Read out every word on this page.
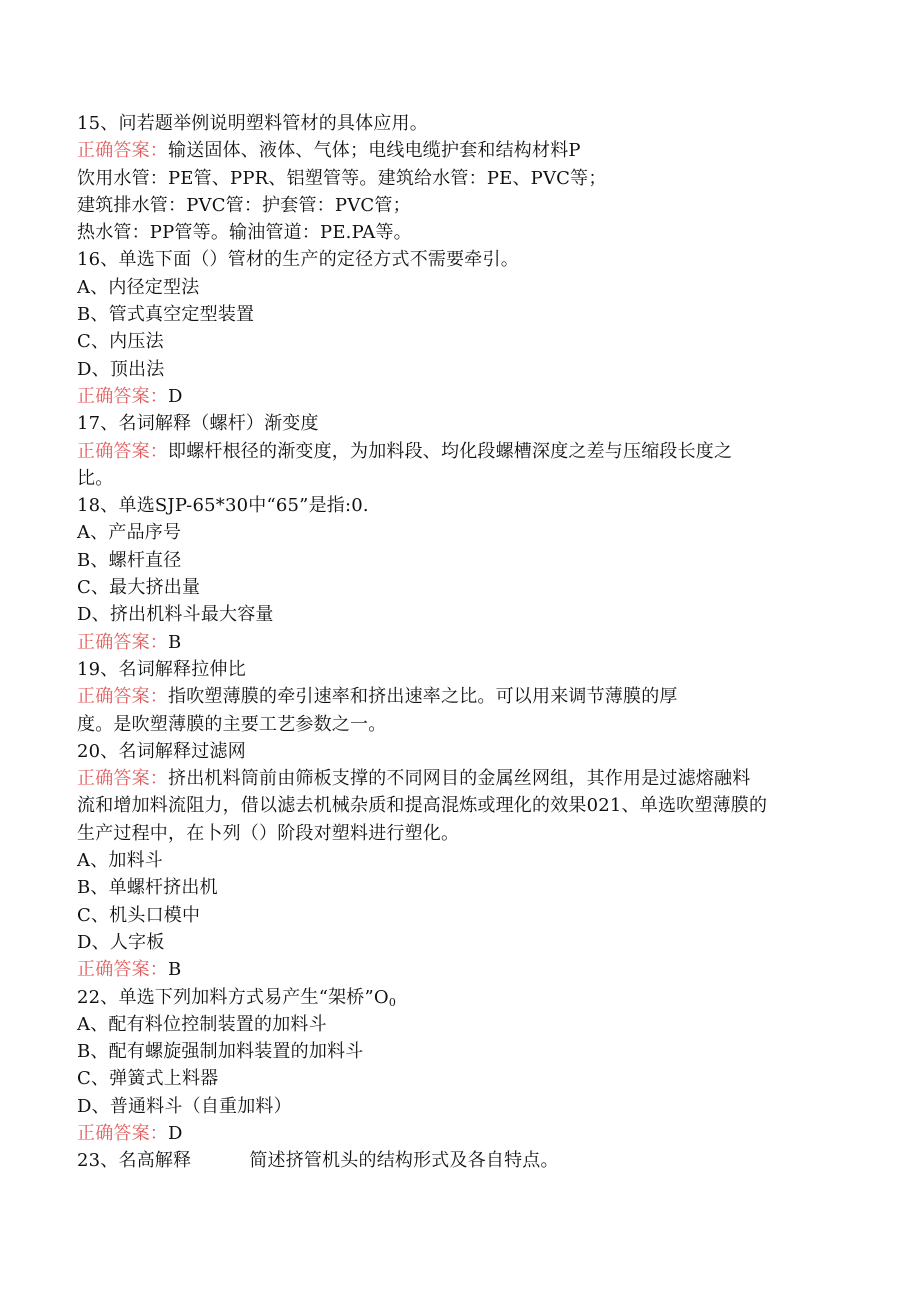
15、问若题举例说明塑料管材的具体应用。
正确答案：输送固体、液体、气体；电线电缆护套和结构材料P
饮用水管：PE管、PPR、铝塑管等。建筑给水管：PE、PVC等；
建筑排水管：PVC管：护套管：PVC管；
热水管：PP管等。输油管道：PE.PA等。
16、单选下面（）管材的生产的定径方式不需要牵引。
A、内径定型法
B、管式真空定型装置
C、内压法
D、顶出法
正确答案：D
17、名词解释（螺杆）渐变度
正确答案：即螺杆根径的渐变度，为加料段、均化段螺槽深度之差与压缩段长度之
比。
18、单选SJP-65*30中“65”是指:0.
A、产品序号
B、螺杆直径
C、最大挤出量
D、挤出机料斗最大容量
正确答案：B
19、名词解释拉伸比
正确答案：指吹塑薄膜的牵引速率和挤出速率之比。可以用来调节薄膜的厚
度。是吹塑薄膜的主要工艺参数之一。
20、名词解释过滤网
正确答案：挤出机料筒前由筛板支撑的不同网目的金属丝网组，其作用是过滤熔融料
流和增加料流阻力，借以滤去机械杂质和提高混炼或理化的效果021、单选吹塑薄膜的
生产过程中，在卜列（）阶段对塑料进行塑化。
A、加料斗
B、单螺杆挤出机
C、机头口模中
D、人字板
正确答案：B
22、单选下列加料方式易产生“架桥$”O_0$
A、配有料位控制装置的加料斗
B、配有螺旋强制加料装置的加料斗
C、弹簧式上料器
D、普通料斗（自重加料）
正确答案：D
23、名高解释	简述挤管机头的结构形式及各自特点。
